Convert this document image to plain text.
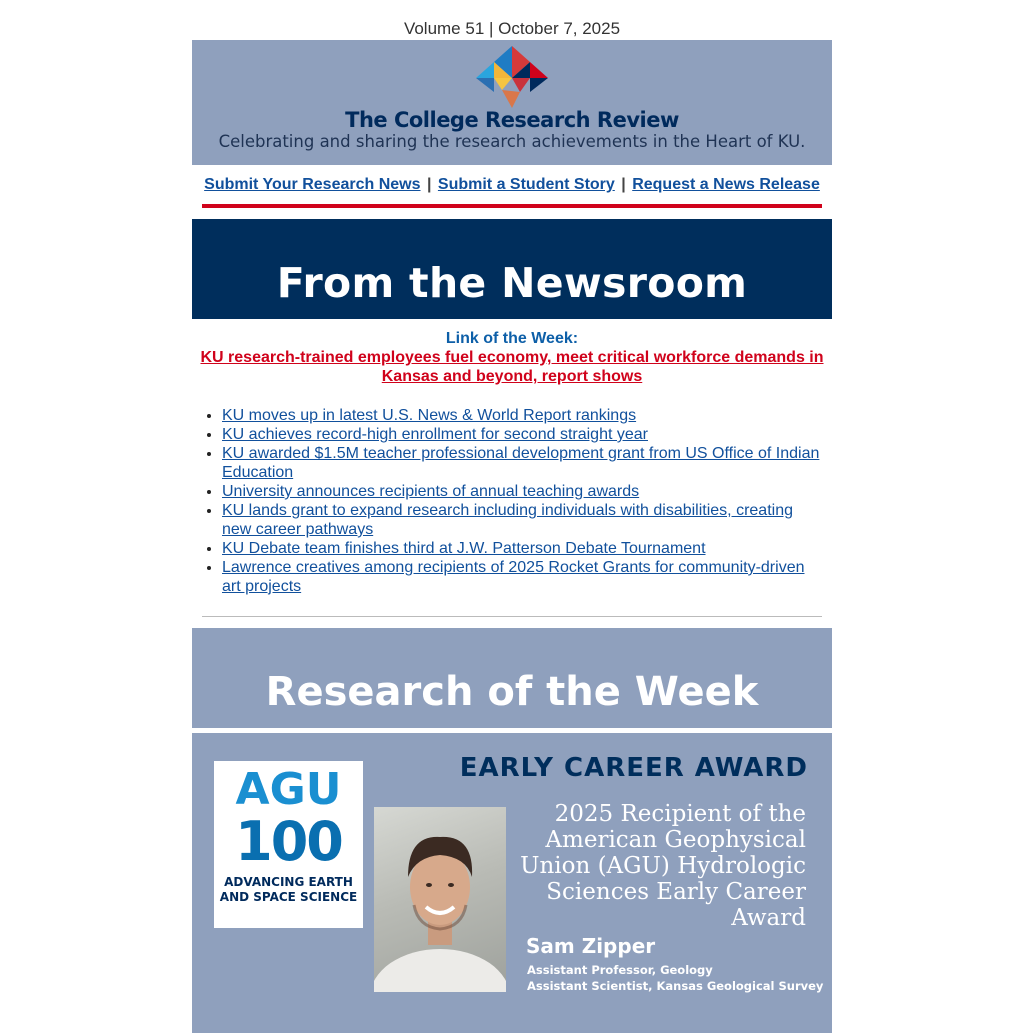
Volume 51 | October 7, 2025
The College Research Review
Celebrating and sharing the research achievements in the Heart of KU.
Submit Your Research News | Submit a Student Story | Request a News Release
From the Newsroom
Link of the Week:
KU research-trained employees fuel economy, meet critical workforce demands in Kansas and beyond, report shows
• KU moves up in latest U.S. News & World Report rankings
• KU achieves record-high enrollment for second straight year
• KU awarded $1.5M teacher professional development grant from US Office of Indian Education
• University announces recipients of annual teaching awards
• KU lands grant to expand research including individuals with disabilities, creating new career pathways
• KU Debate team finishes third at J.W. Patterson Debate Tournament
• Lawrence creatives among recipients of 2025 Rocket Grants for community-driven art projects
Research of the Week
AGU
100
ADVANCING EARTH
AND SPACE SCIENCE
EARLY CAREER AWARD
2025 Recipient of the American Geophysical Union (AGU) Hydrologic Sciences Early Career Award
Sam Zipper
Assistant Professor, Geology
Assistant Scientist, Kansas Geological Survey
